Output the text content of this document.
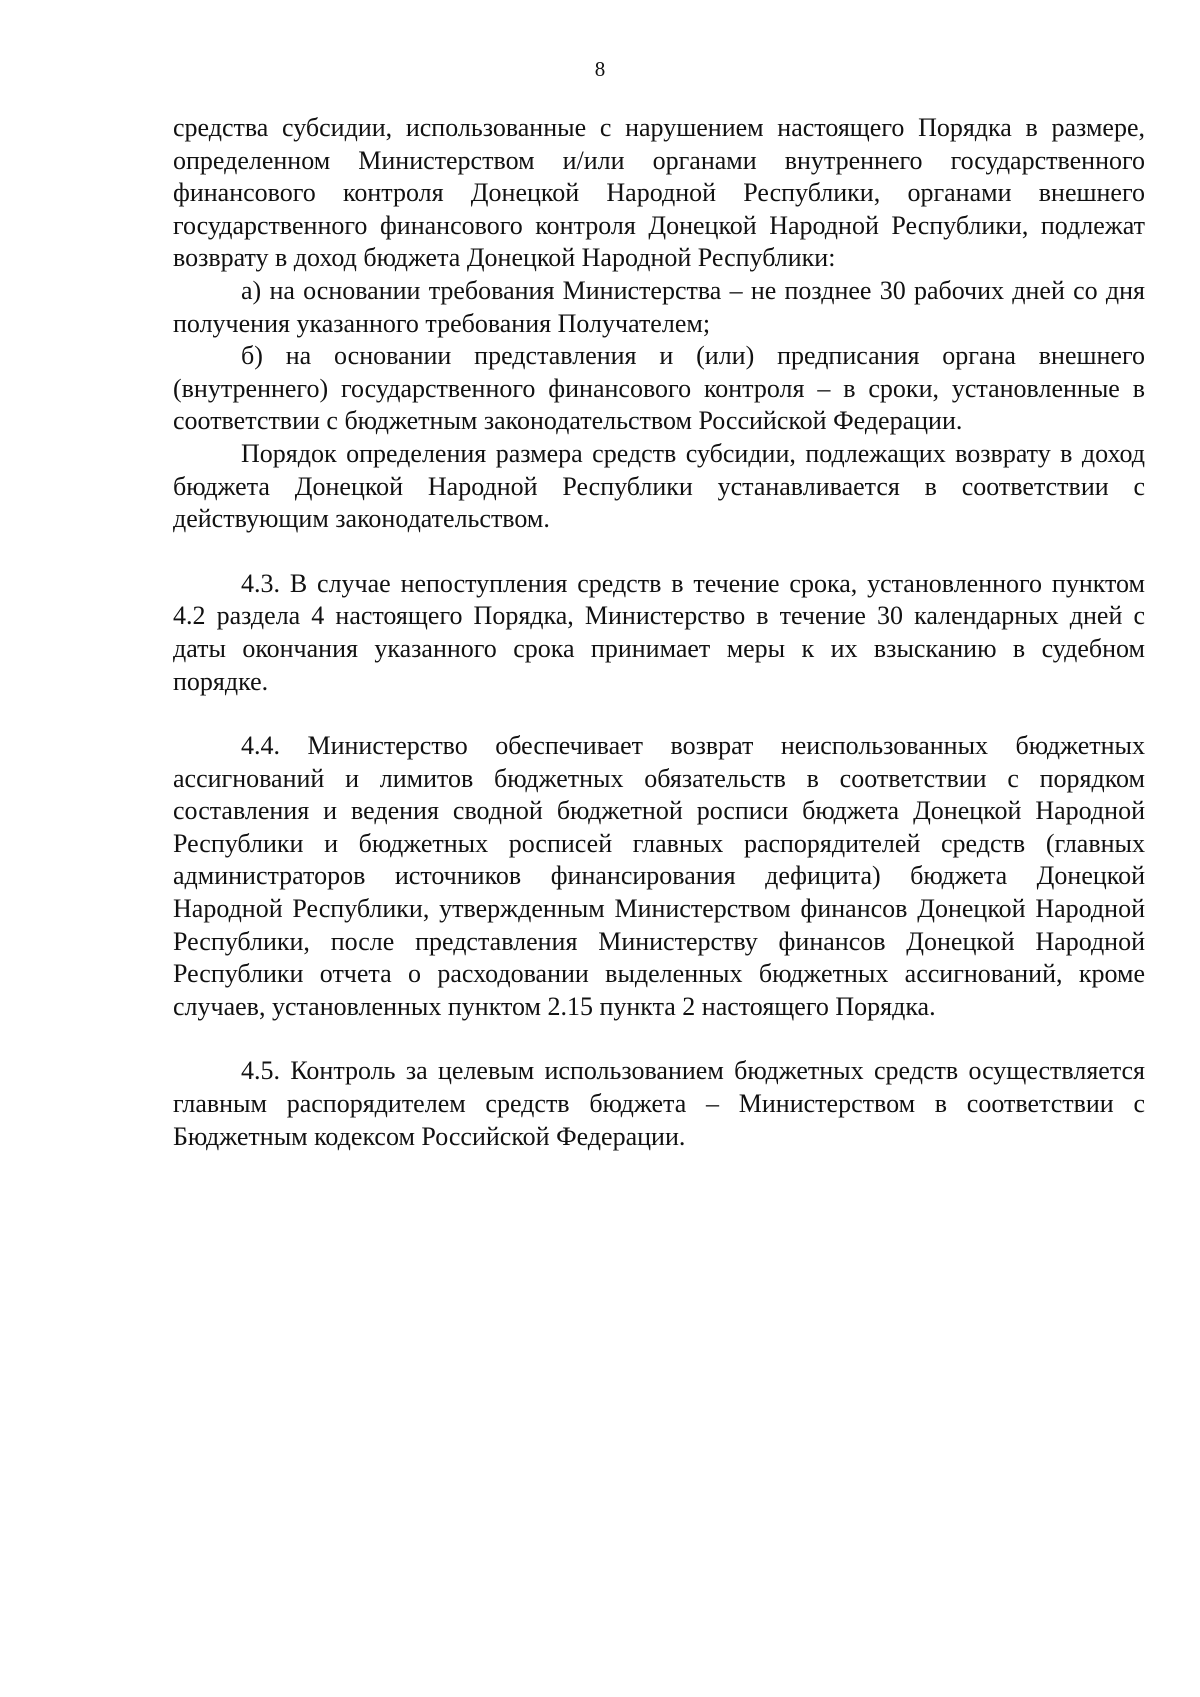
8

средства субсидии, использованные с нарушением настоящего Порядка в размере, определенном Министерством и/или органами внутреннего государственного финансового контроля Донецкой Народной Республики, органами внешнего государственного финансового контроля Донецкой Народной Республики, подлежат возврату в доход бюджета Донецкой Народной Республики:

а) на основании требования Министерства – не позднее 30 рабочих дней со дня получения указанного требования Получателем;

б) на основании представления и (или) предписания органа внешнего (внутреннего) государственного финансового контроля – в сроки, установленные в соответствии с бюджетным законодательством Российской Федерации.

Порядок определения размера средств субсидии, подлежащих возврату в доход бюджета Донецкой Народной Республики устанавливается в соответствии с действующим законодательством.

4.3. В случае непоступления средств в течение срока, установленного пунктом 4.2 раздела 4 настоящего Порядка, Министерство в течение 30 календарных дней с даты окончания указанного срока принимает меры к их взысканию в судебном порядке.

4.4. Министерство обеспечивает возврат неиспользованных бюджетных ассигнований и лимитов бюджетных обязательств в соответствии с порядком составления и ведения сводной бюджетной росписи бюджета Донецкой Народной Республики и бюджетных росписей главных распорядителей средств (главных администраторов источников финансирования дефицита) бюджета Донецкой Народной Республики, утвержденным Министерством финансов Донецкой Народной Республики, после представления Министерству финансов Донецкой Народной Республики отчета о расходовании выделенных бюджетных ассигнований, кроме случаев, установленных пунктом 2.15 пункта 2 настоящего Порядка.

4.5. Контроль за целевым использованием бюджетных средств осуществляется главным распорядителем средств бюджета – Министерством в соответствии с Бюджетным кодексом Российской Федерации.
